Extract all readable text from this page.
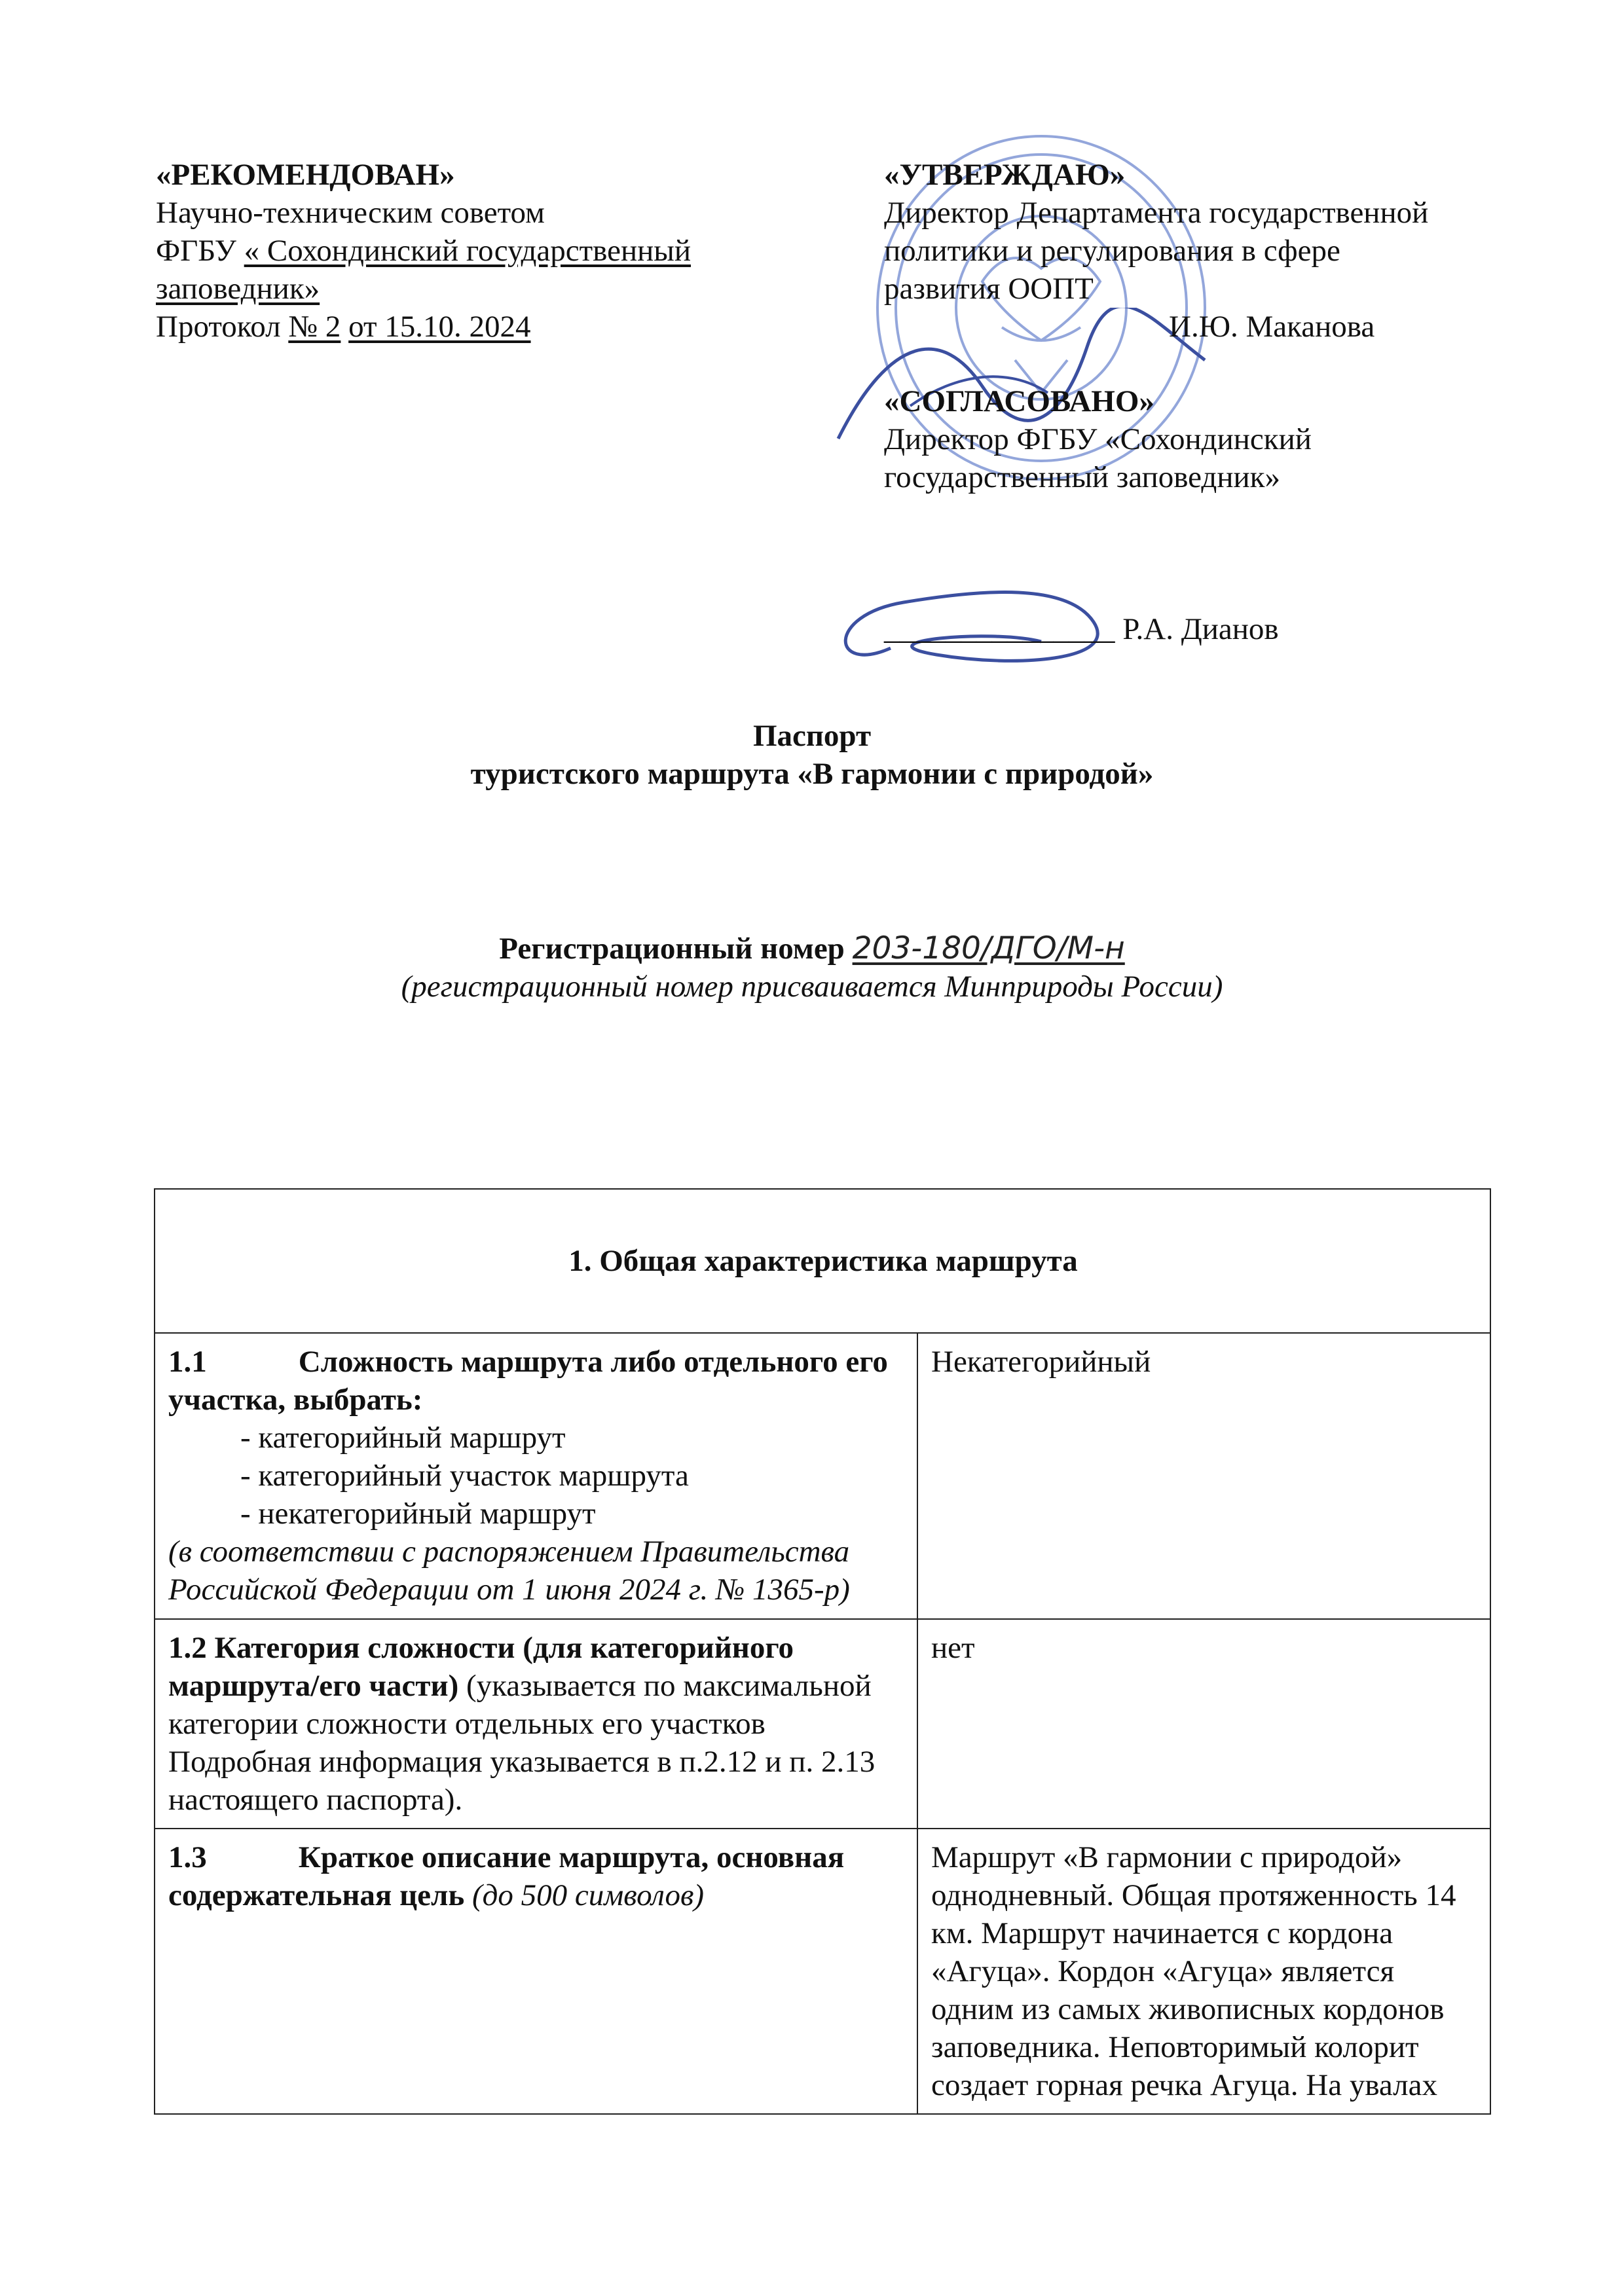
«РЕКОМЕНДОВАН»
Научно-техническим советом
ФГБУ « Сохондинский государственный
заповедник»
Протокол № 2 от 15.10. 2024
«УТВЕРЖДАЮ»
Директор Департамента государственной
политики и регулирования в сфере
развития ООПТ
И.Ю. Маканова
«СОГЛАСОВАНО»
Директор ФГБУ «Сохондинский
государственный заповедник»
_______________ Р.А. Дианов
Паспорт
туристского маршрута «В гармонии с природой»
Регистрационный номер 203-180/ДГО/М-н
(регистрационный номер присваивается Минприроды России)
1. Общая характеристика маршрута	
1.1 Сложность маршрута либо отдельного его участка, выбрать:
- категорийный маршрут
- категорийный участок маршрута
- некатегорийный маршрут
(в соответствии с распоряжением Правительства Российской Федерации от 1 июня 2024 г. № 1365-р)	Некатегорийный
1.2 Категория сложности (для категорийного маршрута/его части) (указывается по максимальной категории сложности отдельных его участков Подробная информация указывается в п.2.12 и п. 2.13 настоящего паспорта).	нет
1.3 Краткое описание маршрута, основная содержательная цель (до 500 символов)	Маршрут «В гармонии с природой» однодневный. Общая протяженность 14 км. Маршрут начинается с кордона «Агуца». Кордон «Агуца» является одним из самых живописных кордонов заповедника. Неповторимый колорит создает горная речка Агуца. На увалах
